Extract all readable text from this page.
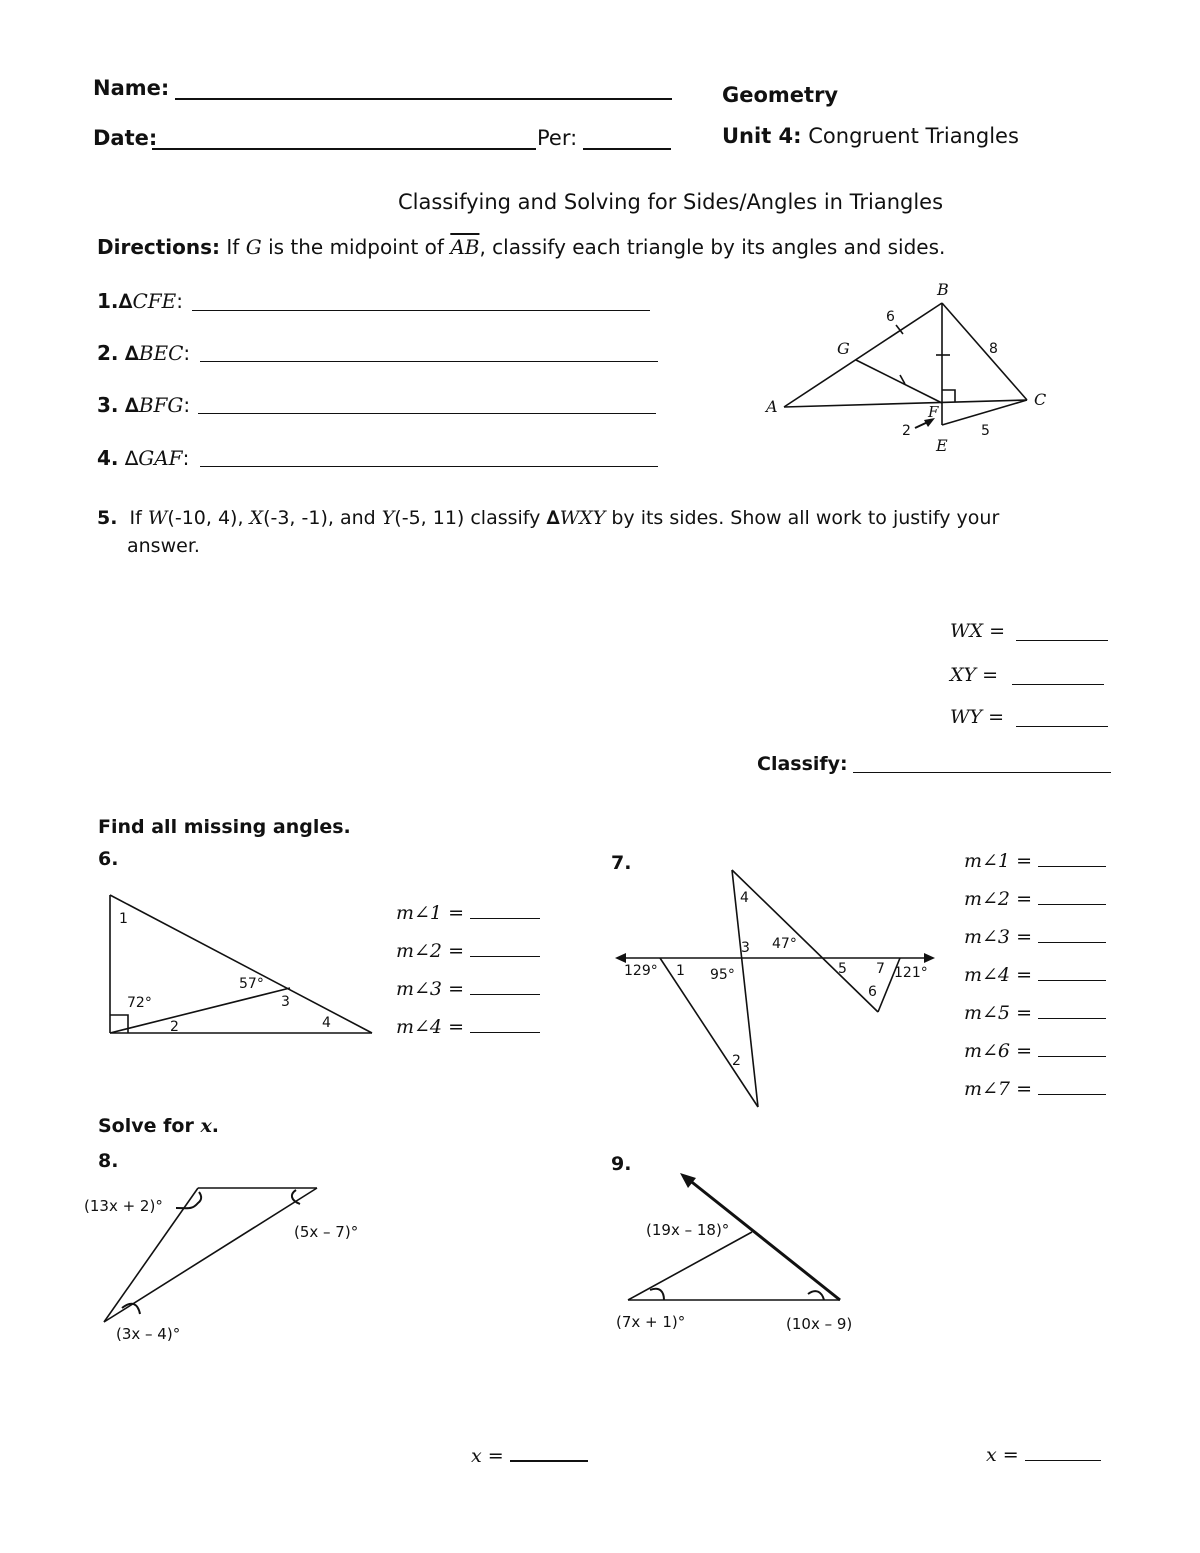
Name:
Date:	Per:
Geometry
Unit 4: Congruent Triangles
Classifying and Solving for Sides/Angles in Triangles
Directions: If G is the midpoint of $\overline{AB}$, classify each triangle by its angles and sides.
1.∆CFE:
2. ∆BEC:
3. ∆BFG:
4. ∆GAF:
B
A	C
G
F
E
6
8
5
2
5. If W(-10, 4), X(-3, -1), and Y(-5, 11) classify ∆WXY by its sides. Show all work to justify your
answer.
WX =
XY =
WY =
Classify:
Find all missing angles.
6.	7.
1
72°
2
57°
3
4
m∠1 =
m∠2 =
m∠3 =
m∠4 =
4
3 47°
129° 1 95°	5 7 121°
6
2
m∠1 =
m∠2 =
m∠3 =
m∠4 =
m∠5 =
m∠6 =
m∠7 =
Solve for x.
8.	9.
(13x + 2)°
(5x – 7)°
(3x – 4)°
(19x – 18)°
(7x + 1)°	(10x – 9)
x =	x =
